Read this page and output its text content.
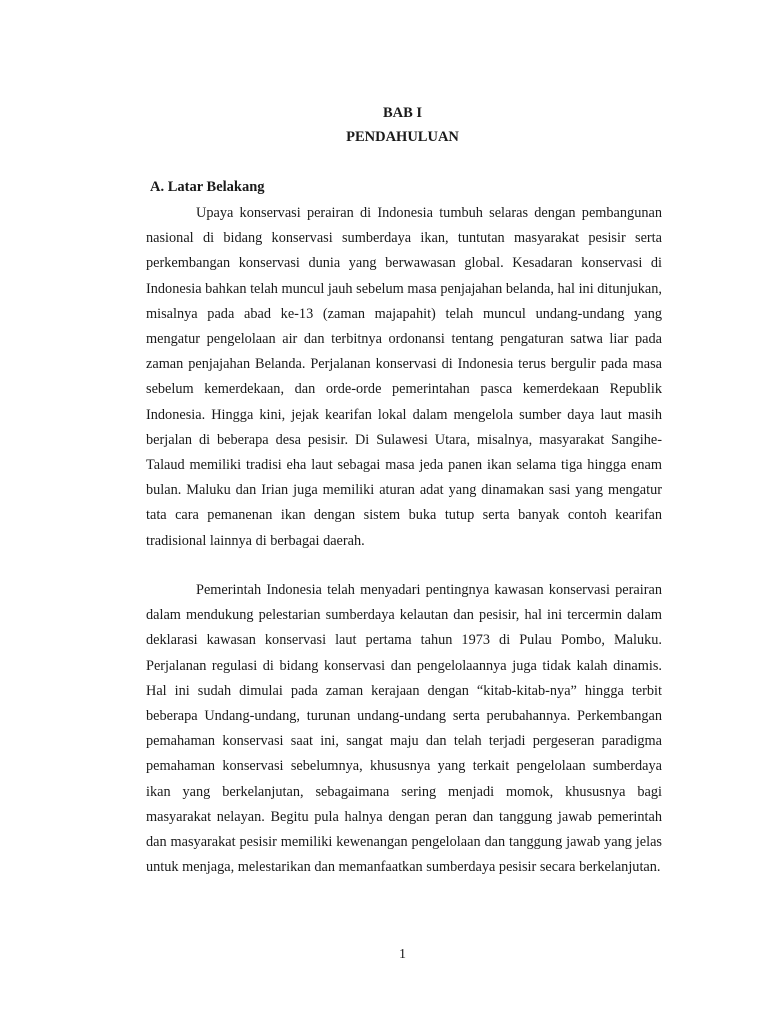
BAB I
PENDAHULUAN
A. Latar Belakang

Upaya konservasi perairan di Indonesia tumbuh selaras dengan pembangunan nasional di bidang konservasi sumberdaya ikan, tuntutan masyarakat pesisir serta perkembangan konservasi dunia yang berwawasan global. Kesadaran konservasi di Indonesia bahkan telah muncul jauh sebelum masa penjajahan belanda, hal ini ditunjukan, misalnya pada abad ke-13 (zaman majapahit) telah muncul undang-undang yang mengatur pengelolaan air dan terbitnya ordonansi tentang pengaturan satwa liar pada zaman penjajahan Belanda. Perjalanan konservasi di Indonesia terus bergulir pada masa sebelum kemerdekaan, dan orde-orde pemerintahan pasca kemerdekaan Republik Indonesia. Hingga kini, jejak kearifan lokal dalam mengelola sumber daya laut masih berjalan di beberapa desa pesisir. Di Sulawesi Utara, misalnya, masyarakat Sangihe-Talaud memiliki tradisi eha laut sebagai masa jeda panen ikan selama tiga hingga enam bulan. Maluku dan Irian juga memiliki aturan adat yang dinamakan sasi yang mengatur tata cara pemanenan ikan dengan sistem buka tutup serta banyak contoh kearifan tradisional lainnya di berbagai daerah.

Pemerintah Indonesia telah menyadari pentingnya kawasan konservasi perairan dalam mendukung pelestarian sumberdaya kelautan dan pesisir, hal ini tercermin dalam deklarasi kawasan konservasi laut pertama tahun 1973 di Pulau Pombo, Maluku. Perjalanan regulasi di bidang konservasi dan pengelolaannya juga tidak kalah dinamis. Hal ini sudah dimulai pada zaman kerajaan dengan “kitab-kitab-nya” hingga terbit beberapa Undang-undang, turunan undang-undang serta perubahannya. Perkembangan pemahaman konservasi saat ini, sangat maju dan telah terjadi pergeseran paradigma pemahaman konservasi sebelumnya, khususnya yang terkait pengelolaan sumberdaya ikan yang berkelanjutan, sebagaimana sering menjadi momok, khususnya bagi masyarakat nelayan. Begitu pula halnya dengan peran dan tanggung jawab pemerintah dan masyarakat pesisir memiliki kewenangan pengelolaan dan tanggung jawab yang jelas untuk menjaga, melestarikan dan memanfaatkan sumberdaya pesisir secara berkelanjutan.

1
